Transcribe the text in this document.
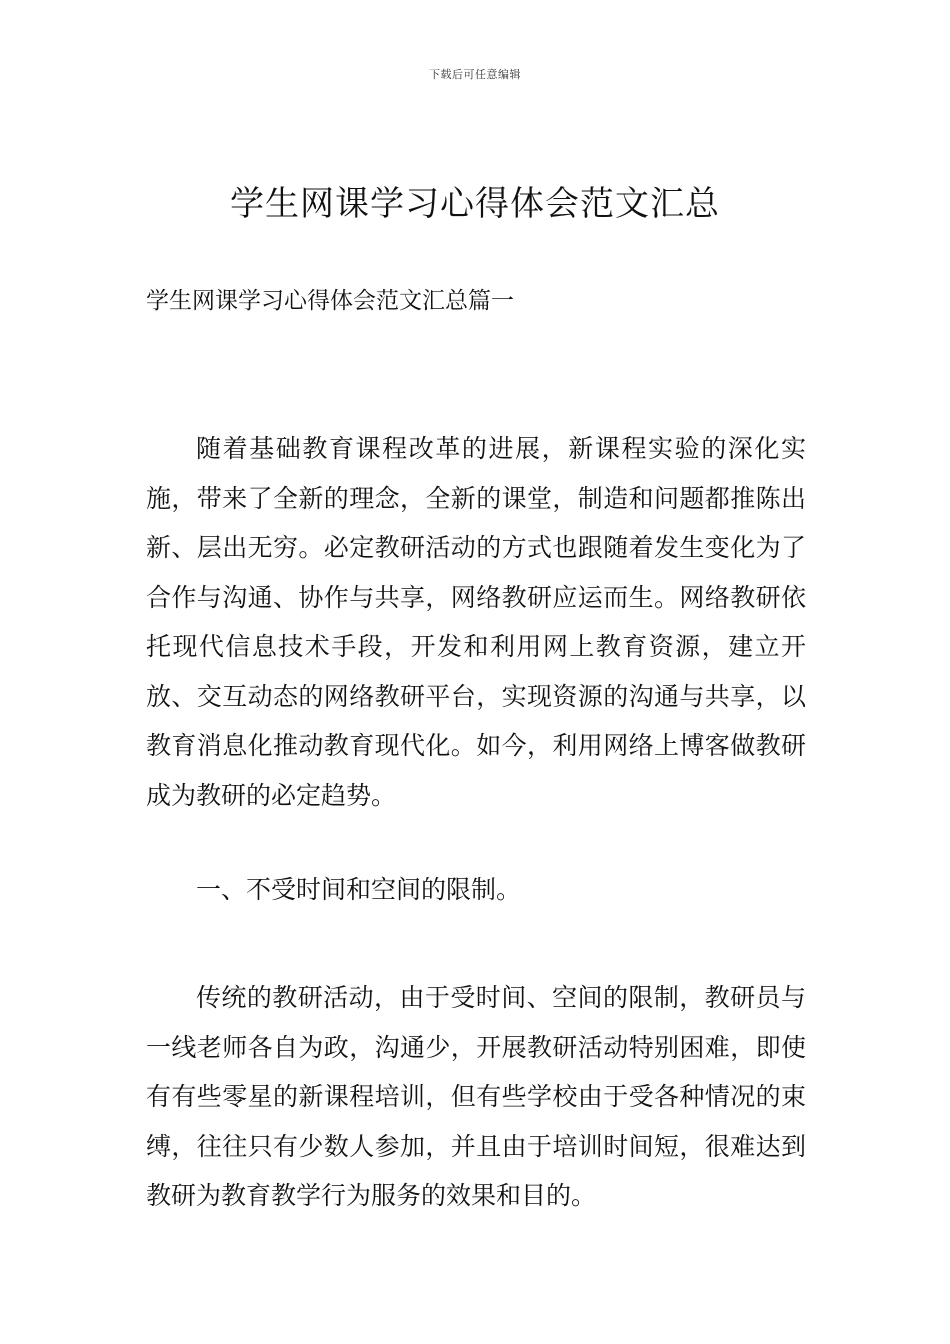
下载后可任意编辑
学生网课学习心得体会范文汇总

学生网课学习心得体会范文汇总篇一

随着基础教育课程改革的进展，新课程实验的深化实施，带来了全新的理念，全新的课堂，制造和问题都推陈出新、层出无穷。必定教研活动的方式也跟随着发生变化为了合作与沟通、协作与共享，网络教研应运而生。网络教研依托现代信息技术手段，开发和利用网上教育资源，建立开放、交互动态的网络教研平台，实现资源的沟通与共享，以教育消息化推动教育现代化。如今，利用网络上博客做教研成为教研的必定趋势。

一、不受时间和空间的限制。

传统的教研活动，由于受时间、空间的限制，教研员与一线老师各自为政，沟通少，开展教研活动特别困难，即使有有些零星的新课程培训，但有些学校由于受各种情况的束缚，往往只有少数人参加，并且由于培训时间短，很难达到教研为教育教学行为服务的效果和目的。
